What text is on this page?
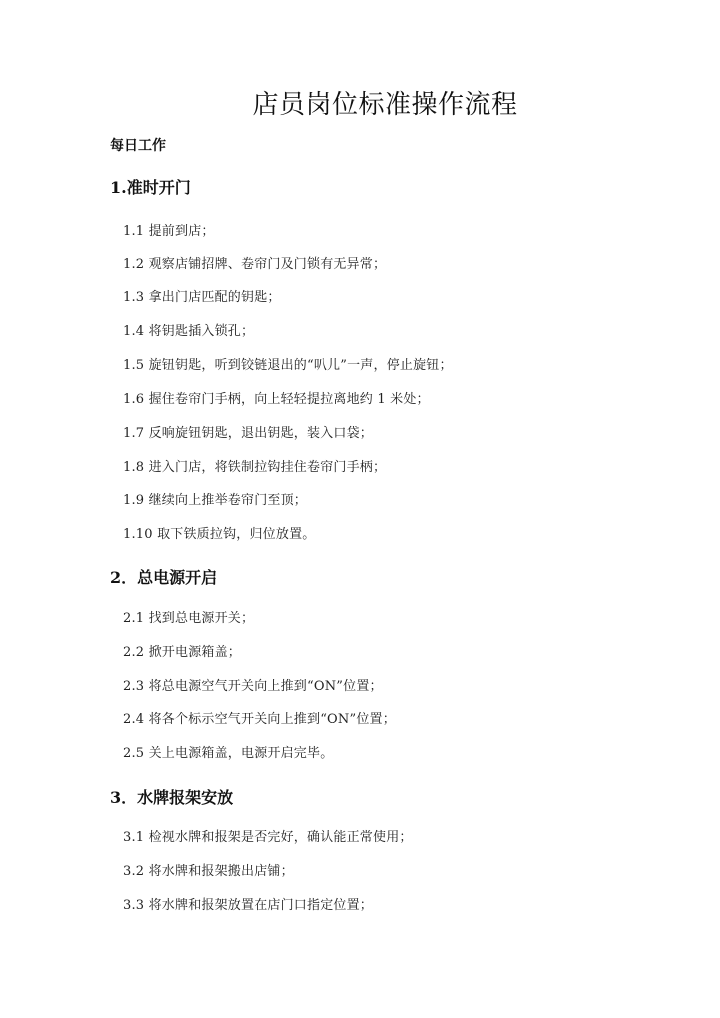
店员岗位标准操作流程
每日工作
1.准时开门
1.1 提前到店；
1.2 观察店铺招牌、卷帘门及门锁有无异常；
1.3 拿出门店匹配的钥匙；
1.4 将钥匙插入锁孔；
1.5 旋钮钥匙，听到铰链退出的“叭儿”一声，停止旋钮；
1.6 握住卷帘门手柄，向上轻轻提拉离地约 1 米处；
1.7 反响旋钮钥匙，退出钥匙，装入口袋；
1.8 进入门店，将铁制拉钩挂住卷帘门手柄；
1.9 继续向上推举卷帘门至顶；
1.10 取下铁质拉钩，归位放置。
2．总电源开启
2.1 找到总电源开关；
2.2 掀开电源箱盖；
2.3 将总电源空气开关向上推到“ON”位置；
2.4 将各个标示空气开关向上推到“ON”位置；
2.5 关上电源箱盖，电源开启完毕。
3．水牌报架安放
3.1 检视水牌和报架是否完好，确认能正常使用；
3.2 将水牌和报架搬出店铺；
3.3 将水牌和报架放置在店门口指定位置；
